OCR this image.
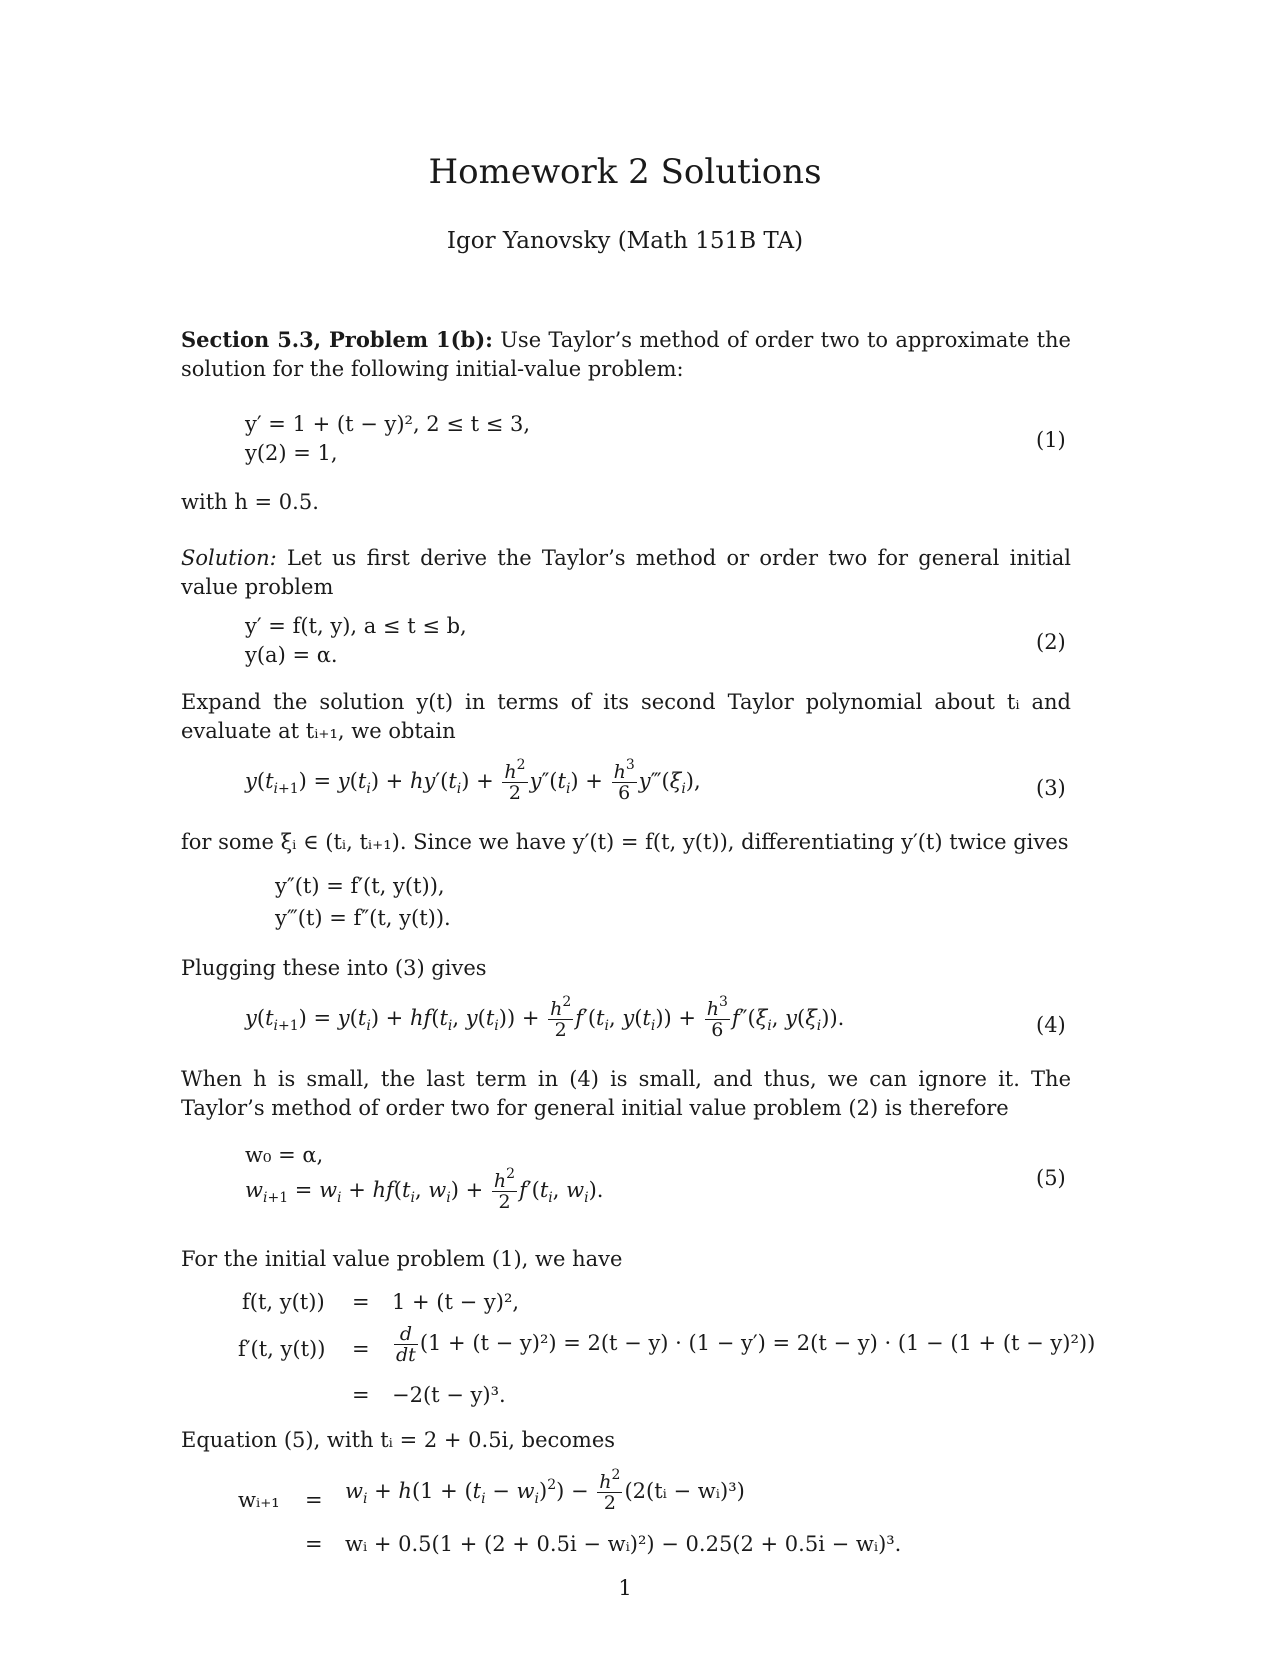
Homework 2 Solutions
Igor Yanovsky (Math 151B TA)
Section 5.3, Problem 1(b): Use Taylor’s method of order two to approximate the solution for the following initial-value problem:
y′ = 1 + (t − y)², 2 ≤ t ≤ 3,
y(2) = 1,
(1)
with h = 0.5.
Solution: Let us first derive the Taylor’s method or order two for general initial value problem
y′ = f(t, y), a ≤ t ≤ b,
y(a) = α.
(2)
Expand the solution y(t) in terms of its second Taylor polynomial about tᵢ and evaluate at tᵢ₊₁, we obtain
$y(t_{i+1}) = y(t_i) + hy'(t_i) + \frac{h^2}{2} y''(t_i) + \frac{h^3}{6}$ $y‴(\xi_i)$,	(3)
for some ξᵢ ∈ (tᵢ, tᵢ₊₁). Since we have y′(t) = f(t, y(t)), differentiating y′(t) twice gives
y″(t) = f′(t, y(t)),
y‴(t) = f″(t, y(t)).
Plugging these into (3) gives
$y(t_{i+1}) = y(t_i) + hf(t_i$, $y(t_i)) + \frac{h^2}{2} f'(t_i$, $y(t_i)) + \frac{h^3}{6} f''(\xi_i$, $y(\xi_i)$).	(4)
When h is small, the last term in (4) is small, and thus, we can ignore it. The Taylor’s method of order two for general initial value problem (2) is therefore
w₀ = α,
$w_{i+1} = w_i + hf(t_i$, $w_i) + \frac{h^2}{2} f'(t_i$, $w_i$).	(5)
For the initial value problem (1), we have
f(t, y(t)) = 1 + (t − y)²,
f′(t, $y(t)) = \frac{d}{dt} (1 + (t - y)^2) = 2(t - y) \cdot (1 - y') = 2(t - y) \cdot (1 - (1 + (t - y)^2))$
= −2(t − y)³.
Equation (5), with tᵢ = 2 + 0.5i, becomes
wᵢ₊₁ = $w_i + h(1 + (t_i - w_i)^2) - \frac{h^2}{2}$ (2(tᵢ − wᵢ)³)
= wᵢ + 0.5(1 + (2 + 0.5i − wᵢ)²) − 0.25(2 + 0.5i − wᵢ)³.
1
